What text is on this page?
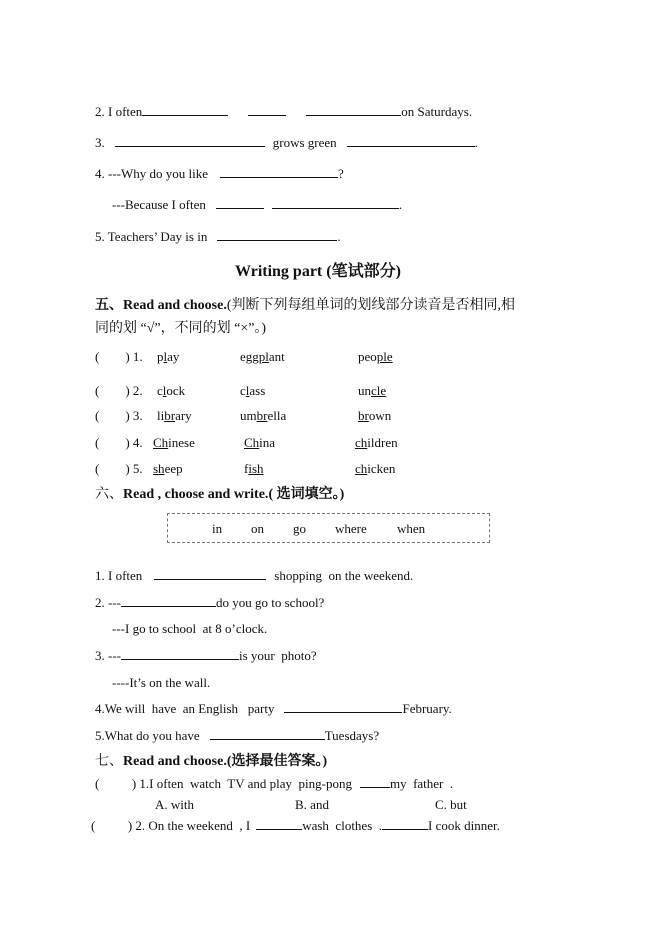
2. I often	on Saturdays.
3.	grows green	.
4. ---Why do you like	?
---Because I often	.
5. Teachers’ Day is in	.
Writing part (笔试部分)
五、Read and choose.(判断下列每组单词的划线部分读音是否相同,相
同的划 “√”，不同的划 “×”。)
(        ) 1. play	eggplant	people
(        ) 2. clock	class	uncle
(        ) 3. library	umbrella	brown
(        ) 4. Chinese	China	children
(        ) 5. sheep	fish	chicken
六、Read , choose and write.( 选词填空。)
in on go where when
1. I often	shopping  on the weekend.
2. ---	do you go to school?
---I go to school  at 8 o’clock.
3. ---	is your  photo?
----It’s on the wall.
4.We will  have  an English   party	February.
5.What do you have	Tuesdays?
七、Read and choose.(选择最佳答案。)
(          ) 1.I often  watch  TV and play  ping-pong	my  father  .
A. with	B. and	C. but
(          ) 2. On the weekend  , I	wash  clothes  .	I cook dinner.
